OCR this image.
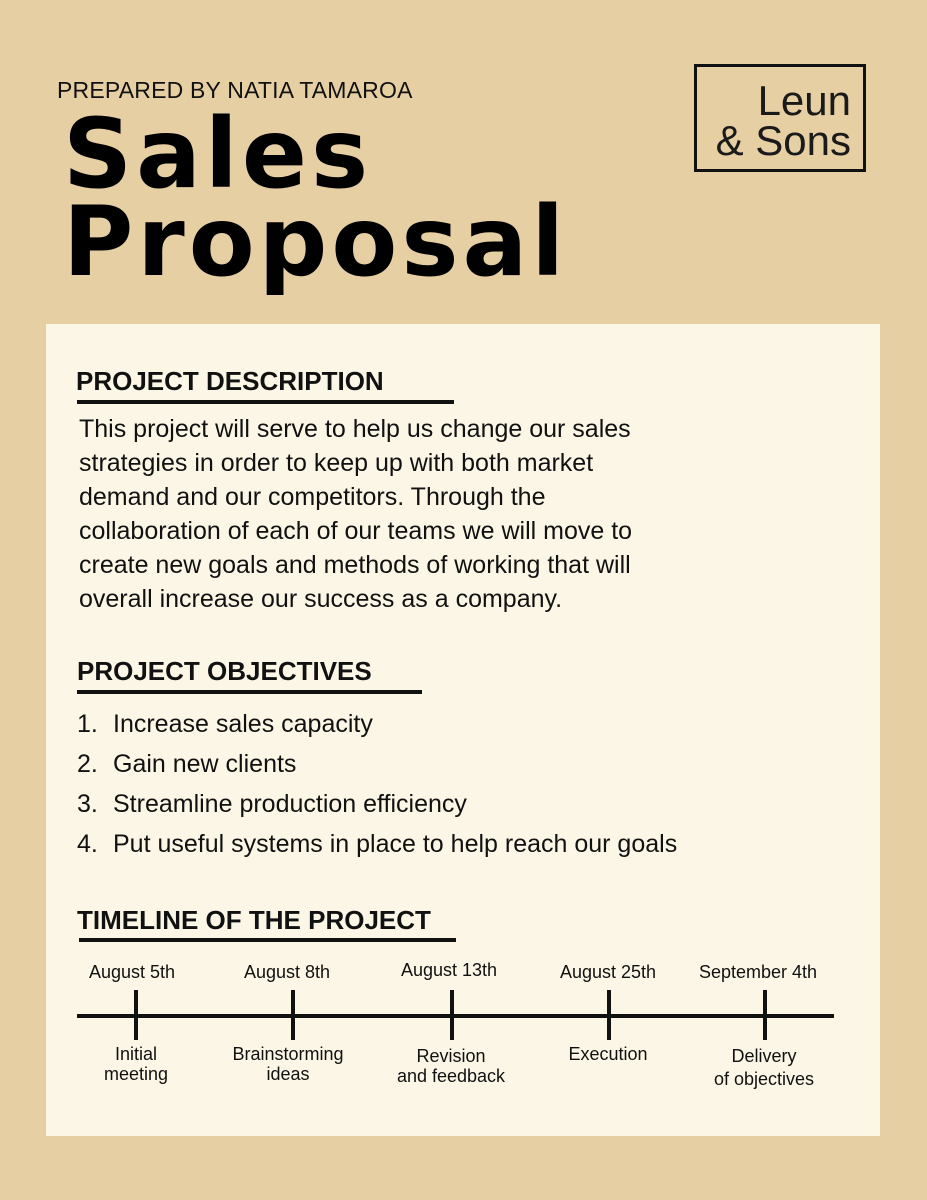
PREPARED BY NATIA TAMAROA
Sales
Proposal
Leun
& Sons
PROJECT DESCRIPTION
This project will serve to help us change our sales
strategies in order to keep up with both market
demand and our competitors. Through the
collaboration of each of our teams we will move to
create new goals and methods of working that will
overall increase our success as a company.
PROJECT OBJECTIVES
1. Increase sales capacity
2. Gain new clients
3. Streamline production efficiency
4. Put useful systems in place to help reach our goals
TIMELINE OF THE PROJECT
August 5th	August 8th	August 13th	August 25th	September 4th
Initial
meeting
Brainstorming
ideas
Revision
and feedback
Execution	Delivery
of objectives
